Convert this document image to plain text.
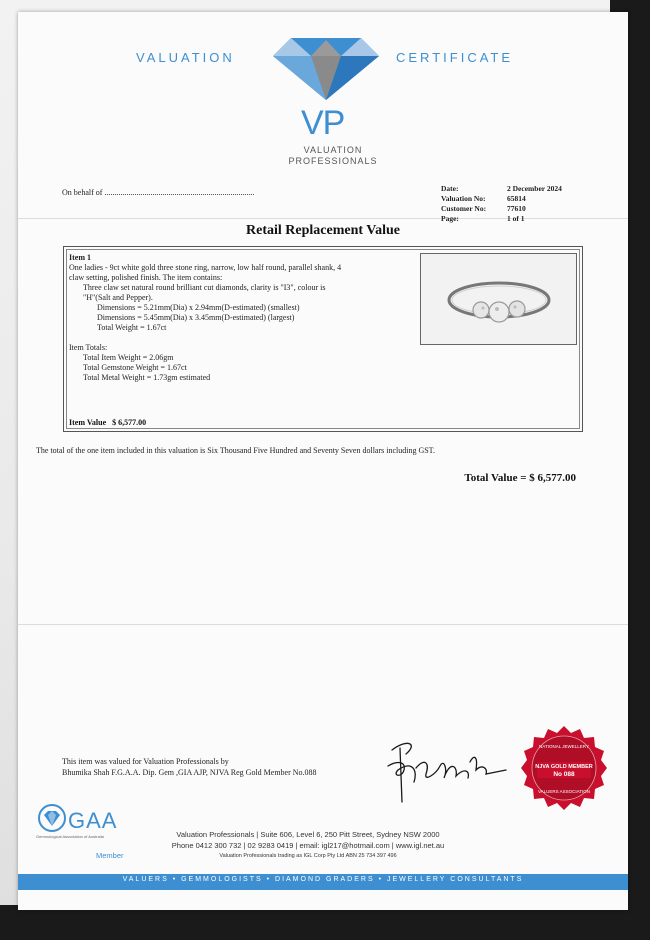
VALUATION	CERTIFICATE
VP
VALUATION
PROFESSIONALS
On behalf of ...........................................................................	Date:	2 December 2024
Valuation No:	65814
Customer No:	77610
Page:	1 of 1
Retail Replacement Value
Item 1
One ladies - 9ct white gold three stone ring, narrow, low half round, parallel shank, 4
claw setting, polished finish. The item contains:
Three claw set natural round brilliant cut diamonds, clarity is "I3", colour is
"H"(Salt and Pepper).
Dimensions = 5.21mm(Dia) x 2.94mm(D-estimated) (smallest)
Dimensions = 5.45mm(Dia) x 3.45mm(D-estimated) (largest)
Total Weight = 1.67ct
Item Totals:
Total Item Weight = 2.06gm
Total Gemstone Weight = 1.67ct
Total Metal Weight = 1.73gm estimated
Item Value $ 6,577.00
The total of the one item included in this valuation is Six Thousand Five Hundred and Seventy Seven dollars including GST.
Total Value = $ 6,577.00
This item was valued for Valuation Professionals by
Bhumika Shah F.G.A.A. Dip. Gem ,GIA AJP, NJVA Reg Gold Member No.088
NATIONAL JEWELLERY
NJVA GOLD MEMBER
No 088
VALUERS ASSOCIATION
GAA
Gemmological Association of Australia
Member
Valuation Professionals | Suite 606, Level 6, 250 Pitt Street, Sydney NSW 2000
Phone 0412 300 732 | 02 9283 0419 | email: igl217@hotmail.com | www.igl.net.au
Valuation Professionals trading as IGL Corp Pty Ltd ABN 25 734 397 496
VALUERS • GEMMOLOGISTS • DIAMOND GRADERS • JEWELLERY CONSULTANTS
